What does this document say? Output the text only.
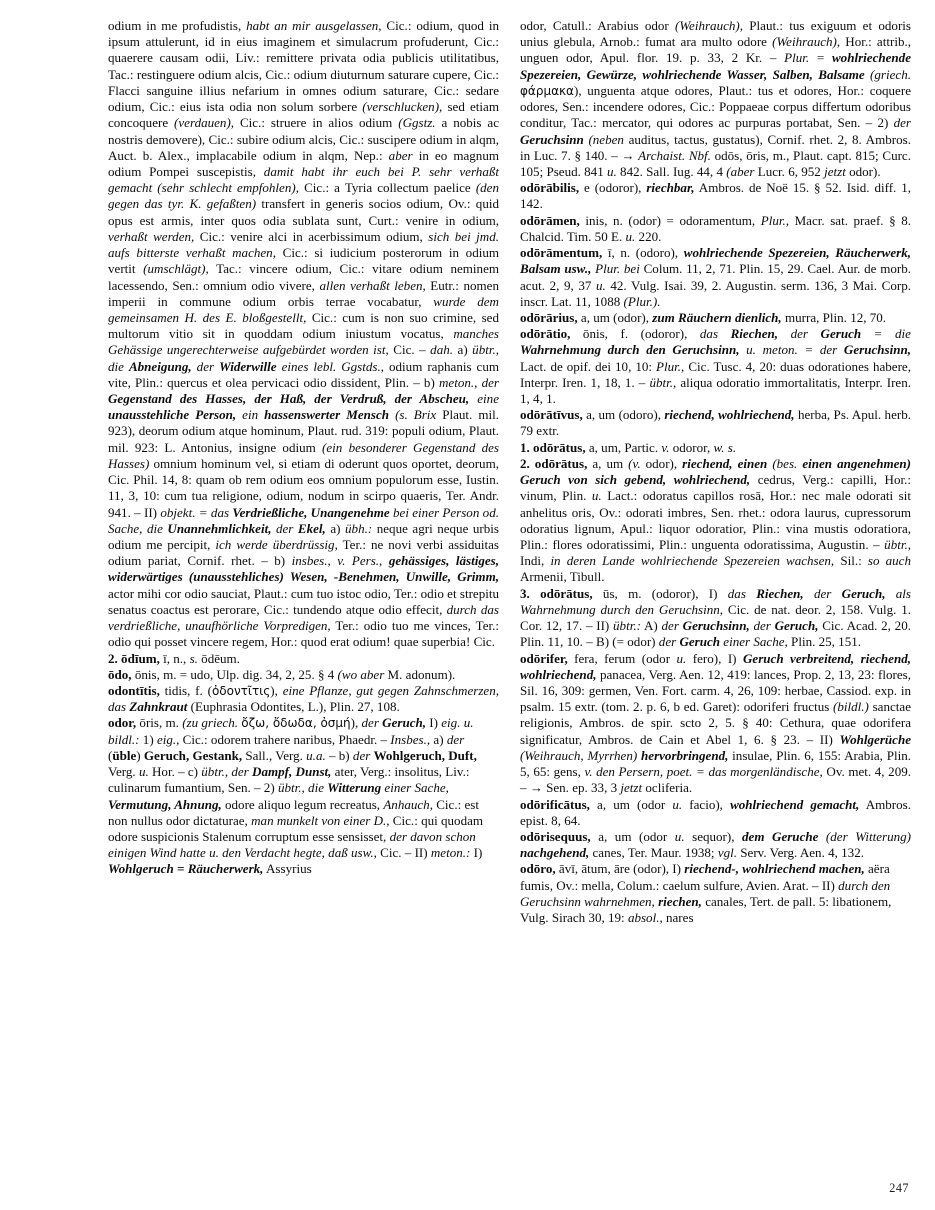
odium in me profudistis, habt an mir ausgelassen, Cic.: odium, quod in ipsum attulerunt, id in eius imaginem et simulacrum profuderunt, Cic.: quaerere causam odii, Liv.: remittere privata odia publicis utilitatibus, Tac.: restinguere odium alcis, Cic.: odium diuturnum saturare cupere, Cic.: Flacci sanguine illius nefarium in omnes odium saturare, Cic.: sedare odium, Cic.: eius ista odia non solum sorbere (verschlucken), sed etiam concoquere (verdauen), Cic.: struere in alios odium (Ggstz. a nobis ac nostris demovere), Cic.: subire odium alcis, Cic.: suscipere odium in alqm, Auct. b. Alex., implacabile odium in alqm, Nep.: aber in eo magnum odium Pompei suscepistis, damit habt ihr euch bei P. sehr verhaßt gemacht (sehr schlecht empfohlen), Cic.: a Tyria collectum paelice (den gegen das tyr. K. gefaßten) transfert in generis socios odium, Ov.: quid opus est armis, inter quos odia sublata sunt, Curt.: venire in odium, verhaßt werden, Cic.: venire alci in acerbissimum odium, sich bei jmd. aufs bitterste verhaßt machen, Cic.: si iudicium posterorum in odium vertit (umschlägt), Tac.: vincere odium, Cic.: vitare odium neminem lacessendo, Sen.: omnium odio vivere, allen verhaßt leben, Eutr.: nomen imperii in commune odium orbis terrae vocabatur, wurde dem gemeinsamen H. des E. bloßgestellt, Cic.: cum is non suo crimine, sed multorum vitio sit in quoddam odium iniustum vocatus, manches Gehässige ungerechterweise aufgebürdet worden ist, Cic. – dah. a) übtr., die Abneigung, der Widerwille eines lebl. Ggstds., odium raphanis cum vite, Plin.: quercus et olea pervicaci odio dissident, Plin. – b) meton., der Gegenstand des Hasses, der Haß, der Verdruß, der Abscheu, eine unausstehliche Person, ein hassenswerter Mensch (s. Brix Plaut. mil. 923), deorum odium atque hominum, Plaut. rud. 319: populi odium, Plaut. mil. 923: L. Antonius, insigne odium (ein besonderer Gegenstand des Hasses) omnium hominum vel, si etiam di oderunt quos oportet, deorum, Cic. Phil. 14, 8: quam ob rem odium eos omnium populorum esse, Iustin. 11, 3, 10: cum tua religione, odium, nodum in scirpo quaeris, Ter. Andr. 941. – II) objekt. = das Verdrießliche, Unangenehme bei einer Person od. Sache, die Unannehmlichkeit, der Ekel, a) übh.: neque agri neque urbis odium me percipit, ich werde überdrüssig, Ter.: ne novi verbi assiduitas odium pariat, Cornif. rhet. – b) insbes., v. Pers., gehässiges, lästiges, widerwärtiges (unausstehliches) Wesen, -Benehmen, Unwille, Grimm, actor mihi cor odio sauciat, Plaut.: cum tuo istoc odio, Ter.: odio et strepitu senatus coactus est perorare, Cic.: tundendo atque odio effecit, durch das verdrießliche, unaufhörliche Vorpredigen, Ter.: odio tuo me vinces, Ter.: odio qui posset vincere regem, Hor.: quod erat odium! quae superbia! Cic.

2. ōdīum, ī, n., s. ōdēum.

ōdo, ōnis, m. = udo, Ulp. dig. 34, 2, 25. § 4 (wo aber M. adonum).

odontītis, tidis, f. (ὀδοντῖτις), eine Pflanze, gut gegen Zahnschmerzen, das Zahnkraut (Euphrasia Odontites, L.), Plin. 27, 108.

odor, ōris, m. (zu griech. ὄζω, ὄδωδα, ὀσμή), der Geruch, I) eig. u. bildl.: 1) eig., Cic.: odorem trahere naribus, Phaedr. – Insbes., a) der (üble) Geruch, Gestank, Sall., Verg. u.a. – b) der Wohlgeruch, Duft, Verg. u. Hor. – c) übtr., der Dampf, Dunst, ater, Verg.: insolitus, Liv.: culinarum fumantium, Sen. – 2) übtr., die Witterung einer Sache, Vermutung, Ahnung, odore aliquo legum recreatus, Anhauch, Cic.: est non nullus odor dictaturae, man munkelt von einer D., Cic.: qui quodam odore suspicionis Stalenum corruptum esse sensisset, der davon schon einigen Wind hatte u. den Verdacht hegte, daß usw., Cic. – II) meton.: I) Wohlgeruch = Räucherwerk, Assyrius

odor, Catull.: Arabius odor (Weihrauch), Plaut.: tus exiguum et odoris unius glebula, Arnob.: fumat ara multo odore (Weihrauch), Hor.: attrib., unguen odor, Apul. flor. 19. p. 33, 2 Kr. – Plur. = wohlriechende Spezereien, Gewürze, wohlriechende Wasser, Salben, Balsame (griech. φάρμακα), unguenta atque odores, Plaut.: tus et odores, Hor.: coquere odores, Sen.: incendere odores, Cic.: Poppaeae corpus differtum odoribus conditur, Tac.: mercator, qui odores ac purpuras portabat, Sen. – 2) der Geruchsinn (neben auditus, tactus, gustatus), Cornif. rhet. 2, 8. Ambros. in Luc. 7. § 140. – → Archaist. Nbf. odōs, ōris, m., Plaut. capt. 815; Curc. 105; Pseud. 841 u. 842. Sall. Iug. 44, 4 (aber Lucr. 6, 952 jetzt odor).

odōrābilis, e (odoror), riechbar, Ambros. de Noë 15. § 52. Isid. diff. 1, 142.

odōrāmen, inis, n. (odor) = odoramentum, Plur., Macr. sat. praef. § 8. Chalcid. Tim. 50 E. u. 220.

odōrāmentum, ī, n. (odoro), wohlriechende Spezereien, Räucherwerk, Balsam usw., Plur. bei Colum. 11, 2, 71. Plin. 15, 29. Cael. Aur. de morb. acut. 2, 9, 37 u. 42. Vulg. Isai. 39, 2. Augustin. serm. 136, 3 Mai. Corp. inscr. Lat. 11, 1088 (Plur.).

odōrārius, a, um (odor), zum Räuchern dienlich, murra, Plin. 12, 70.

odōrātio, ōnis, f. (odoror), das Riechen, der Geruch = die Wahrnehmung durch den Geruchsinn, u. meton. = der Geruchsinn, Lact. de opif. dei 10, 10: Plur., Cic. Tusc. 4, 20: duas odorationes habere, Interpr. Iren. 1, 18, 1. – übtr., aliqua odoratio immortalitatis, Interpr. Iren. 1, 4, 1.

odōrātīvus, a, um (odoro), riechend, wohlriechend, herba, Ps. Apul. herb. 79 extr.

1. odōrātus, a, um, Partic. v. odoror, w. s.

2. odōrātus, a, um (v. odor), riechend, einen (bes. einen angenehmen) Geruch von sich gebend, wohlriechend, cedrus, Verg.: capilli, Hor.: vinum, Plin. u. Lact.: odoratus capillos rosā, Hor.: nec male odorati sit anhelitus oris, Ov.: odorati imbres, Sen. rhet.: odora laurus, cupressorum odoratius lignum, Apul.: liquor odoratior, Plin.: vina mustis odoratiora, Plin.: flores odoratissimi, Plin.: unguenta odoratissima, Augustin. – übtr., Indi, in deren Lande wohlriechende Spezereien wachsen, Sil.: so auch Armenii, Tibull.

3. odōrātus, ūs, m. (odoror), I) das Riechen, der Geruch, als Wahrnehmung durch den Geruchsinn, Cic. de nat. deor. 2, 158. Vulg. 1. Cor. 12, 17. – II) übtr.: A) der Geruchsinn, der Geruch, Cic. Acad. 2, 20. Plin. 11, 10. – B) (= odor) der Geruch einer Sache, Plin. 25, 151.

odōrifer, fera, ferum (odor u. fero), I) Geruch verbreitend, riechend, wohlriechend, panacea, Verg. Aen. 12, 419: lances, Prop. 2, 13, 23: flores, Sil. 16, 309: germen, Ven. Fort. carm. 4, 26, 109: herbae, Cassiod. exp. in psalm. 15 extr. (tom. 2. p. 6, b ed. Garet): odoriferi fructus (bildl.) sanctae religionis, Ambros. de spir. scto 2, 5. § 40: Cethura, quae odorifera significatur, Ambros. de Cain et Abel 1, 6. § 23. – II) Wohlgerüche (Weihrauch, Myrrhen) hervorbringend, insulae, Plin. 6, 155: Arabia, Plin. 5, 65: gens, v. den Persern, poet. = das morgenländische, Ov. met. 4, 209. – → Sen. ep. 33, 3 jetzt ocliferia.

odōrificātus, a, um (odor u. facio), wohlriechend gemacht, Ambros. epist. 8, 64.

odōrisequus, a, um (odor u. sequor), dem Geruche (der Witterung) nachgehend, canes, Ter. Maur. 1938; vgl. Serv. Verg. Aen. 4, 132.

odōro, āvī, ātum, āre (odor), I) riechend-, wohlriechend machen, aëra fumis, Ov.: mella, Colum.: caelum sulfure, Avien. Arat. – II) durch den Geruchsinn wahrnehmen, riechen, canales, Tert. de pall. 5: libationem, Vulg. Sirach 30, 19: absol., nares

247
